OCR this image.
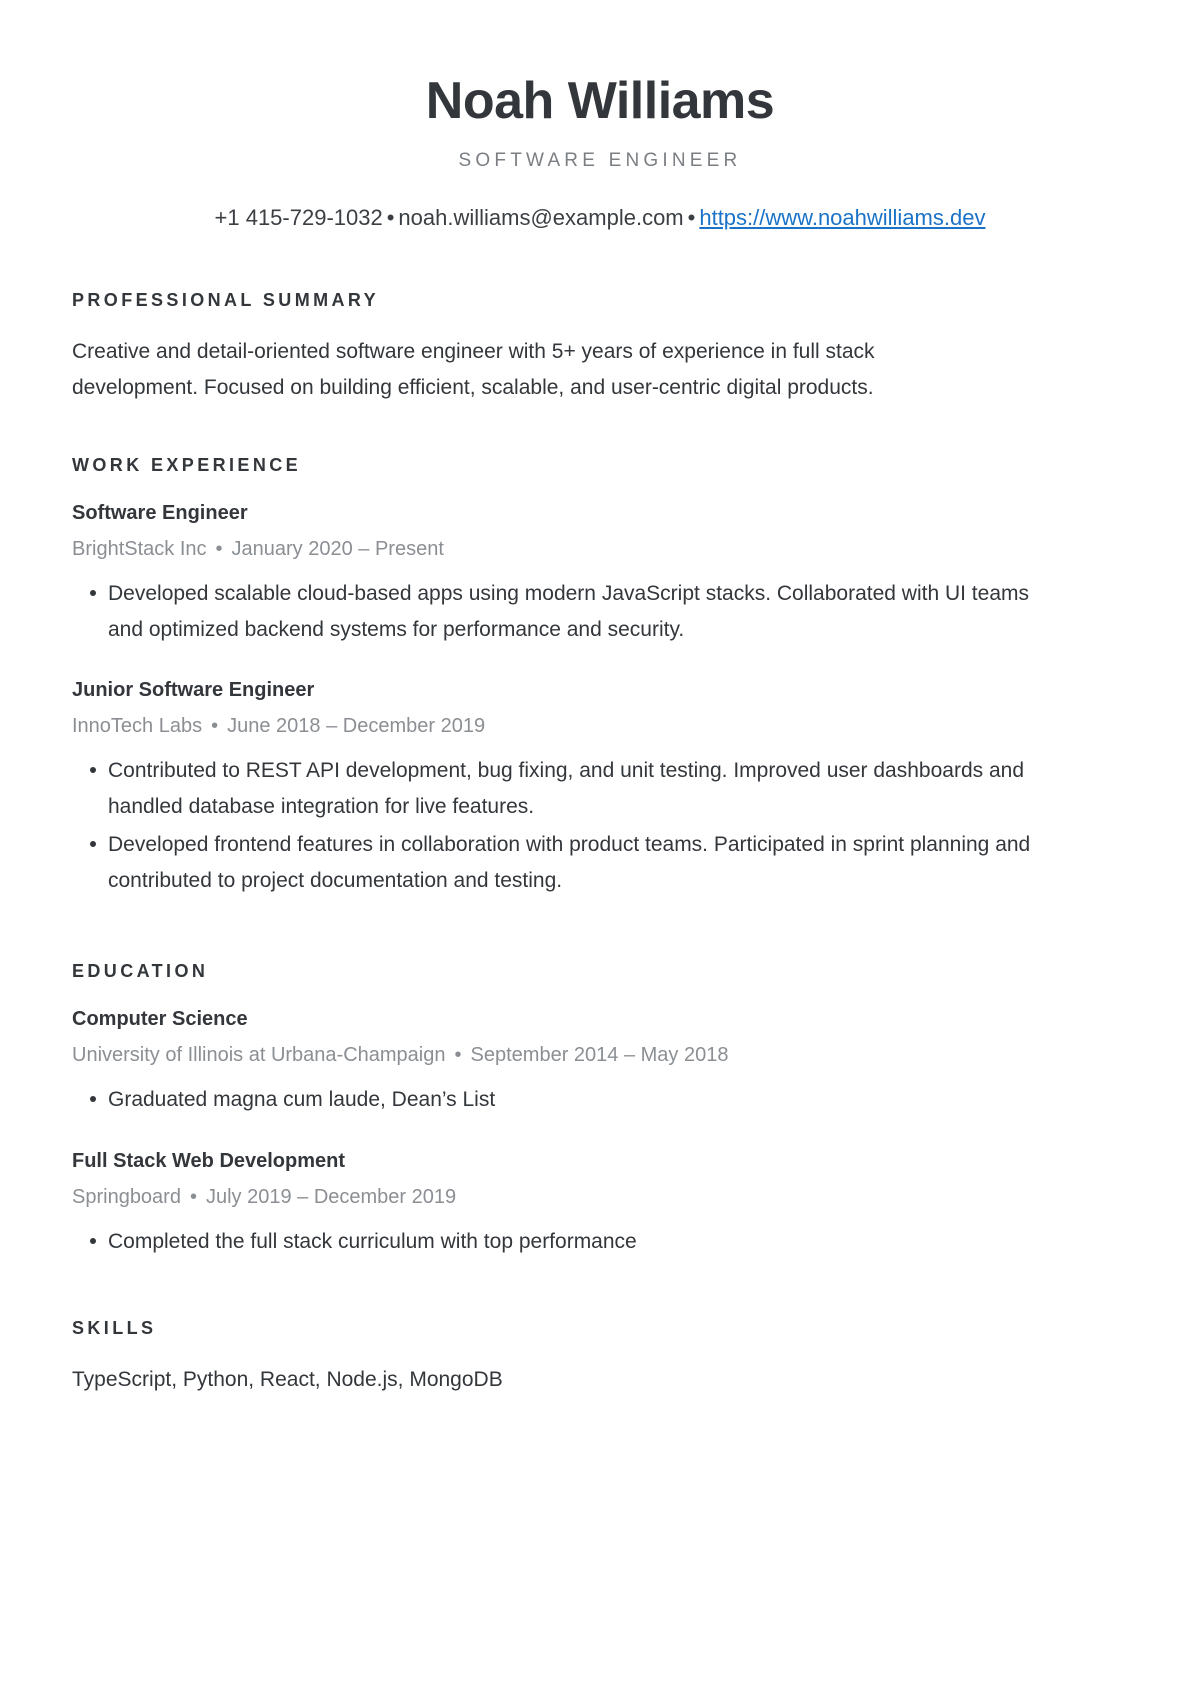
Noah Williams
SOFTWARE ENGINEER
+1 415-729-1032 • noah.williams@example.com • https://www.noahwilliams.dev
PROFESSIONAL SUMMARY

Creative and detail-oriented software engineer with 5+ years of experience in full stack development. Focused on building efficient, scalable, and user-centric digital products.

WORK EXPERIENCE
Software Engineer
BrightStack Inc • January 2020 – Present
Developed scalable cloud-based apps using modern JavaScript stacks. Collaborated with UI teams and optimized backend systems for performance and security.
Junior Software Engineer
InnoTech Labs • June 2018 – December 2019
Contributed to REST API development, bug fixing, and unit testing. Improved user dashboards and handled database integration for live features.
Developed frontend features in collaboration with product teams. Participated in sprint planning and contributed to project documentation and testing.
EDUCATION
Computer Science
University of Illinois at Urbana-Champaign • September 2014 – May 2018
Graduated magna cum laude, Dean’s List
Full Stack Web Development
Springboard • July 2019 – December 2019
Completed the full stack curriculum with top performance
SKILLS

TypeScript, Python, React, Node.js, MongoDB
